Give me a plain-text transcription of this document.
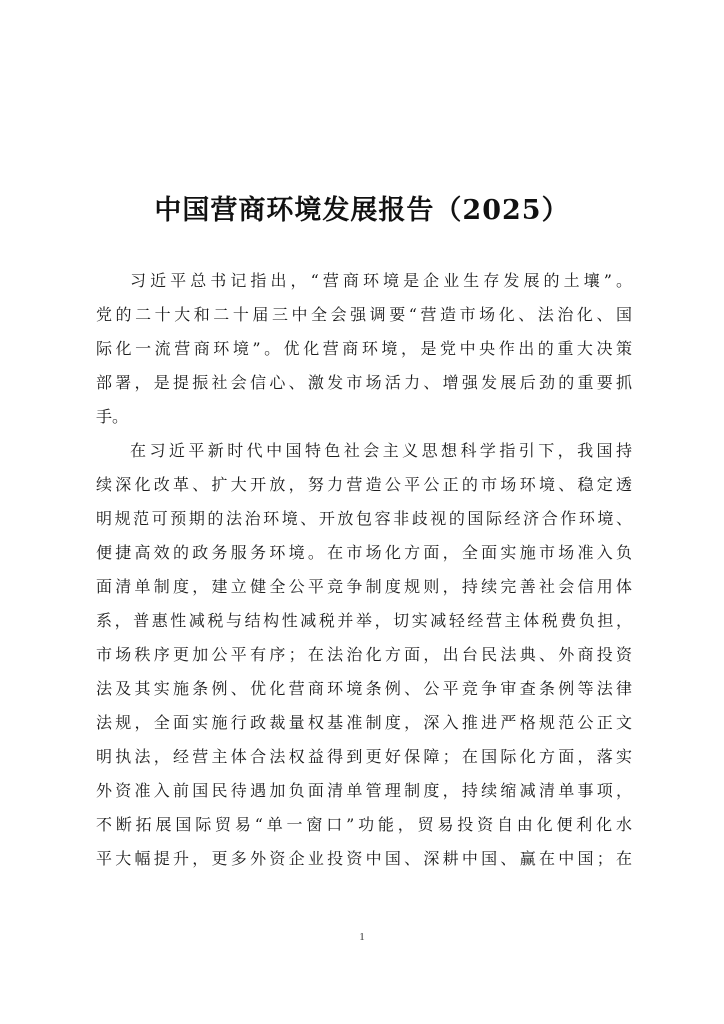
中国营商环境发展报告（2025）
习近平总书记指出，“营商环境是企业生存发展的土壤”。
党的二十大和二十届三中全会强调要“营造市场化、法治化、国
际化一流营商环境”。优化营商环境，是党中央作出的重大决策
部署，是提振社会信心、激发市场活力、增强发展后劲的重要抓
手。
在习近平新时代中国特色社会主义思想科学指引下，我国持
续深化改革、扩大开放，努力营造公平公正的市场环境、稳定透
明规范可预期的法治环境、开放包容非歧视的国际经济合作环境、
便捷高效的政务服务环境。在市场化方面，全面实施市场准入负
面清单制度，建立健全公平竞争制度规则，持续完善社会信用体
系，普惠性减税与结构性减税并举，切实减轻经营主体税费负担，
市场秩序更加公平有序；在法治化方面，出台民法典、外商投资
法及其实施条例、优化营商环境条例、公平竞争审查条例等法律
法规，全面实施行政裁量权基准制度，深入推进严格规范公正文
明执法，经营主体合法权益得到更好保障；在国际化方面，落实
外资准入前国民待遇加负面清单管理制度，持续缩减清单事项，
不断拓展国际贸易“单一窗口”功能，贸易投资自由化便利化水
平大幅提升，更多外资企业投资中国、深耕中国、赢在中国；在
1
